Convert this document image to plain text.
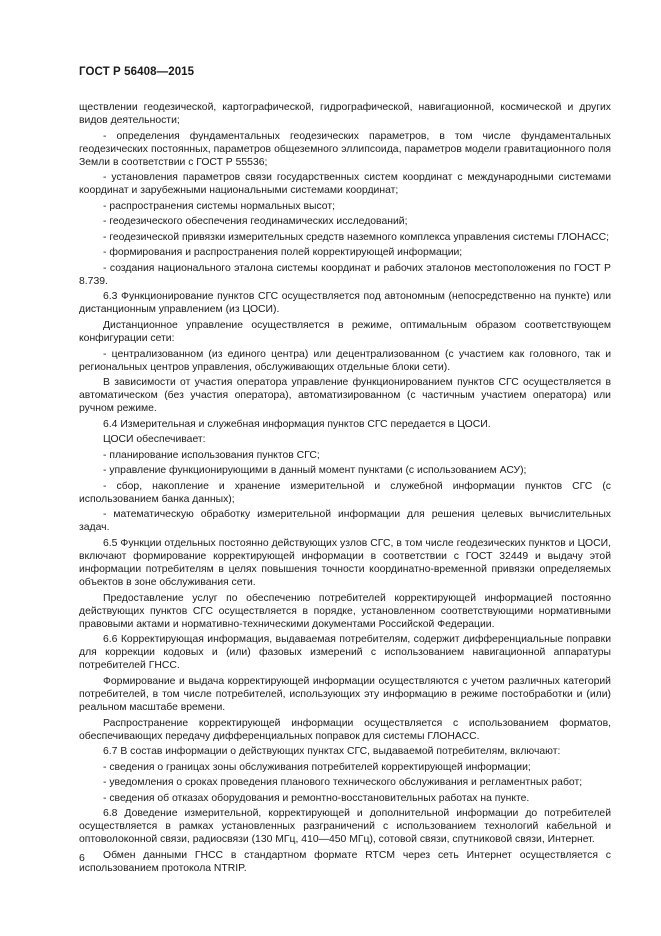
ГОСТ Р 56408—2015

ществлении геодезической, картографической, гидрографической, навигационной, космической и других видов деятельности;

- определения фундаментальных геодезических параметров, в том числе фундаментальных геодезических постоянных, параметров общеземного эллипсоида, параметров модели гравитационного поля Земли в соответствии с ГОСТ Р 55536;

- установления параметров связи государственных систем координат с международными системами координат и зарубежными национальными системами координат;

- распространения системы нормальных высот;

- геодезического обеспечения геодинамических исследований;

- геодезической привязки измерительных средств наземного комплекса управления системы ГЛОНАСС;

- формирования и распространения полей корректирующей информации;

- создания национального эталона системы координат и рабочих эталонов местоположения по ГОСТ Р 8.739.

6.3 Функционирование пунктов СГС осуществляется под автономным (непосредственно на пункте) или дистанционным управлением (из ЦОСИ).

Дистанционное управление осуществляется в режиме, оптимальным образом соответствующем конфигурации сети:

- централизованном (из единого центра) или децентрализованном (с участием как головного, так и региональных центров управления, обслуживающих отдельные блоки сети).

В зависимости от участия оператора управление функционированием пунктов СГС осуществляется в автоматическом (без участия оператора), автоматизированном (с частичным участием оператора) или ручном режиме.

6.4 Измерительная и служебная информация пунктов СГС передается в ЦОСИ.

ЦОСИ обеспечивает:

- планирование использования пунктов СГС;

- управление функционирующими в данный момент пунктами (с использованием АСУ);

- сбор, накопление и хранение измерительной и служебной информации пунктов СГС (с использованием банка данных);

- математическую обработку измерительной информации для решения целевых вычислительных задач.

6.5 Функции отдельных постоянно действующих узлов СГС, в том числе геодезических пунктов и ЦОСИ, включают формирование корректирующей информации в соответствии с ГОСТ 32449 и выдачу этой информации потребителям в целях повышения точности координатно-временной привязки определяемых объектов в зоне обслуживания сети.

Предоставление услуг по обеспечению потребителей корректирующей информацией постоянно действующих пунктов СГС осуществляется в порядке, установленном соответствующими нормативными правовыми актами и нормативно-техническими документами Российской Федерации.

6.6 Корректирующая информация, выдаваемая потребителям, содержит дифференциальные поправки для коррекции кодовых и (или) фазовых измерений с использованием навигационной аппаратуры потребителей ГНСС.

Формирование и выдача корректирующей информации осуществляются с учетом различных категорий потребителей, в том числе потребителей, использующих эту информацию в режиме постобработки и (или) реальном масштабе времени.

Распространение корректирующей информации осуществляется с использованием форматов, обеспечивающих передачу дифференциальных поправок для системы ГЛОНАСС.

6.7 В состав информации о действующих пунктах СГС, выдаваемой потребителям, включают:

- сведения о границах зоны обслуживания потребителей корректирующей информации;

- уведомления о сроках проведения планового технического обслуживания и регламентных работ;

- сведения об отказах оборудования и ремонтно-восстановительных работах на пункте.

6.8 Доведение измерительной, корректирующей и дополнительной информации до потребителей осуществляется в рамках установленных разграничений с использованием технологий кабельной и оптоволоконной связи, радиосвязи (130 МГц, 410—450 МГц), сотовой связи, спутниковой связи, Интернет.

Обмен данными ГНСС в стандартном формате RTCM через сеть Интернет осуществляется с использованием протокола NTRIP.

6
